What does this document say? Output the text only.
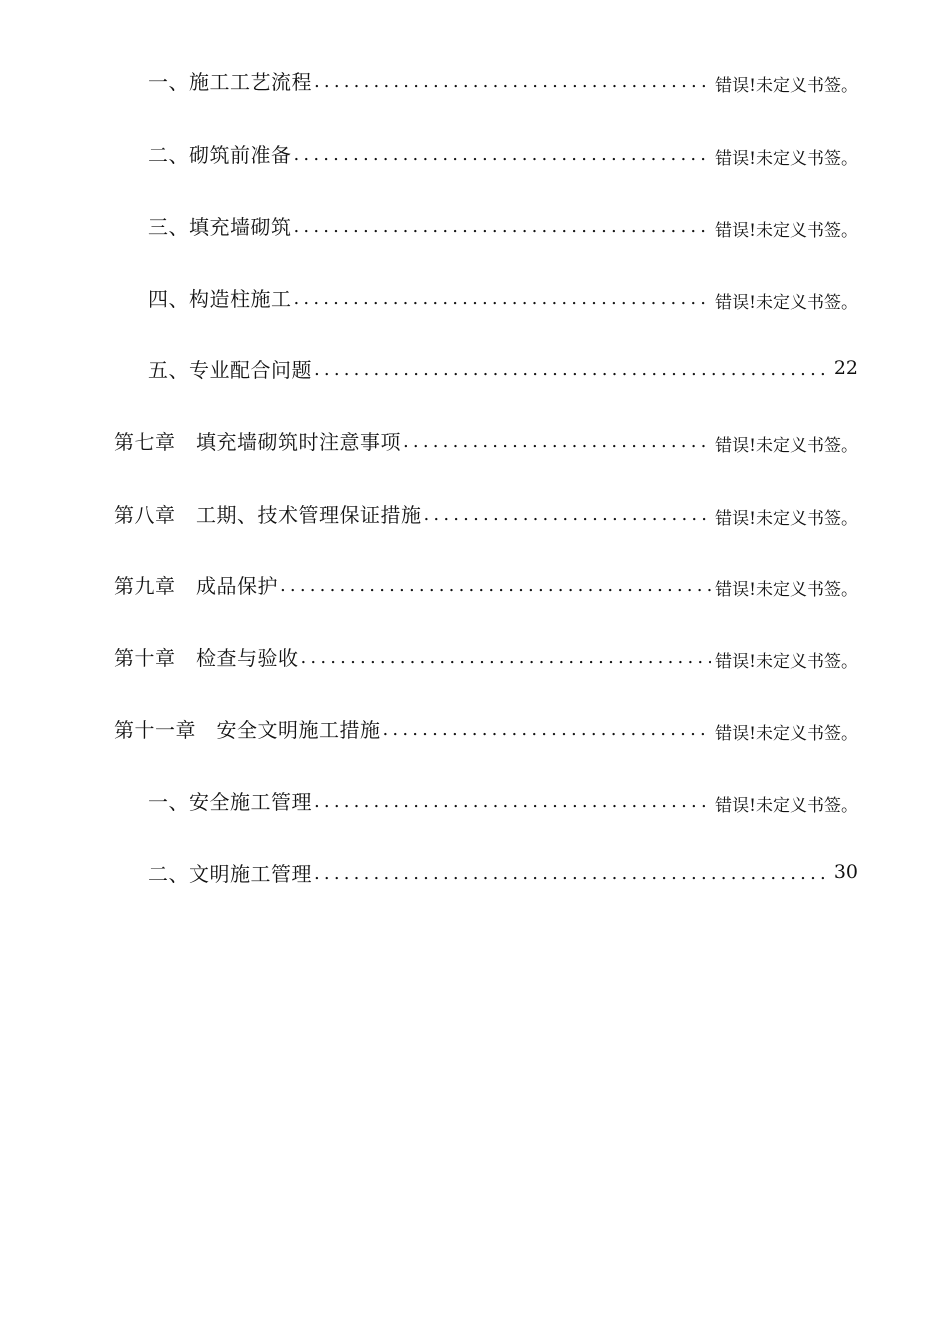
一、施工工艺流程 .....	错误!未定义书签。
二、砌筑前准备 .....	错误!未定义书签。
三、填充墙砌筑 .....	错误!未定义书签。
四、构造柱施工 .....	错误!未定义书签。
五、专业配合问题 .....	22
第七章　填充墙砌筑时注意事项 .....	错误!未定义书签。
第八章　工期、技术管理保证措施 .....	错误!未定义书签。
第九章　成品保护 .....	错误!未定义书签。
第十章　检查与验收 .....	错误!未定义书签。
第十一章　安全文明施工措施 .....	错误!未定义书签。
一、安全施工管理 .....	错误!未定义书签。
二、文明施工管理 .....	30
